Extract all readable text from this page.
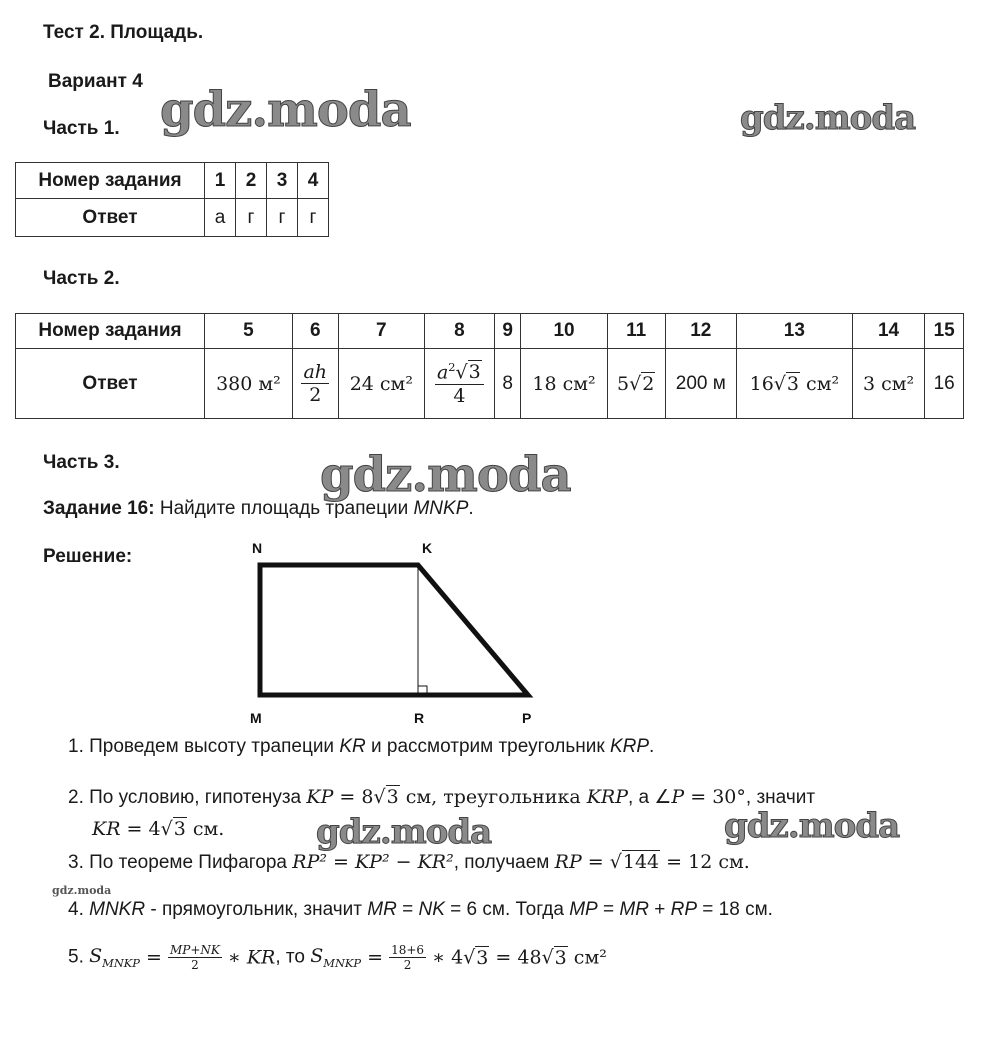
gdz.moda	gdz.moda
gdz.moda
gdz.moda	gdz.moda
gdz.moda
Тест 2. Площадь.
Вариант 4
Часть 1.
Номер задания	1	2	3	4
Ответ	а	г	г	г
Часть 2.
Номер задания	5	6	7	8	9	10	11	12	13	14	15
Ответ	380 м²	$\frac{ah}{2}$	24 см²	$\frac{a^2√3}{4}$	8	18 см²	5√2	200 м	16√3 см²	3 см²	16
Часть 3.
Задание 16: Найдите площадь трапеции MNKP.
Решение:	N	K
M	R	P
1. Проведем высоту трапеции KR и рассмотрим треугольник KRP.
2. По условию, гипотенуза KP = 8√3 см, треугольника KRP, а ∠P = 30°, значит
KR = 4√3 см.
3. По теореме Пифагора RP² = KP² − KR², получаем RP = √144 = 12 см.
4. MNKR - прямоугольник, значит MR = NK = 6 см. Тогда MP = MR + RP = 18 см.
5. $S_{MNKP} = \frac{MP+NK}{2}$ ∗ KR, то $S_{MNKP} = \frac{18+6}{2}$ ∗ 4√3 = 48√3 см²
